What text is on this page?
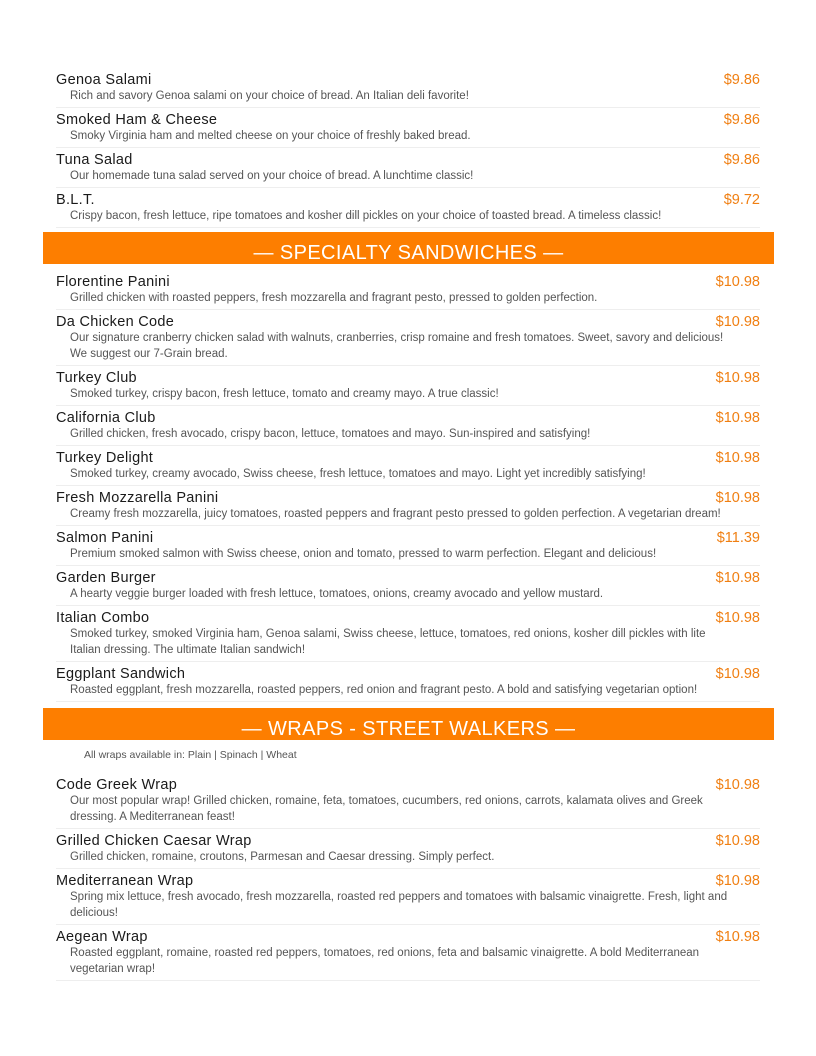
Genoa Salami	$9.86
Rich and savory Genoa salami on your choice of bread. An Italian deli favorite!
Smoked Ham & Cheese	$9.86
Smoky Virginia ham and melted cheese on your choice of freshly baked bread.
Tuna Salad	$9.86
Our homemade tuna salad served on your choice of bread. A lunchtime classic!
B.L.T.	$9.72
Crispy bacon, fresh lettuce, ripe tomatoes and kosher dill pickles on your choice of toasted bread. A timeless classic!
— SPECIALTY SANDWICHES —
Florentine Panini	$10.98
Grilled chicken with roasted peppers, fresh mozzarella and fragrant pesto, pressed to golden perfection.
Da Chicken Code	$10.98
Our signature cranberry chicken salad with walnuts, cranberries, crisp romaine and fresh tomatoes. Sweet, savory and delicious! We suggest our 7-Grain bread.
Turkey Club	$10.98
Smoked turkey, crispy bacon, fresh lettuce, tomato and creamy mayo. A true classic!
California Club	$10.98
Grilled chicken, fresh avocado, crispy bacon, lettuce, tomatoes and mayo. Sun-inspired and satisfying!
Turkey Delight	$10.98
Smoked turkey, creamy avocado, Swiss cheese, fresh lettuce, tomatoes and mayo. Light yet incredibly satisfying!
Fresh Mozzarella Panini	$10.98
Creamy fresh mozzarella, juicy tomatoes, roasted peppers and fragrant pesto pressed to golden perfection. A vegetarian dream!
Salmon Panini	$11.39
Premium smoked salmon with Swiss cheese, onion and tomato, pressed to warm perfection. Elegant and delicious!
Garden Burger	$10.98
A hearty veggie burger loaded with fresh lettuce, tomatoes, onions, creamy avocado and yellow mustard.
Italian Combo	$10.98
Smoked turkey, smoked Virginia ham, Genoa salami, Swiss cheese, lettuce, tomatoes, red onions, kosher dill pickles with lite Italian dressing. The ultimate Italian sandwich!
Eggplant Sandwich	$10.98
Roasted eggplant, fresh mozzarella, roasted peppers, red onion and fragrant pesto. A bold and satisfying vegetarian option!
— WRAPS - STREET WALKERS —
All wraps available in: Plain | Spinach | Wheat
Code Greek Wrap	$10.98
Our most popular wrap! Grilled chicken, romaine, feta, tomatoes, cucumbers, red onions, carrots, kalamata olives and Greek dressing. A Mediterranean feast!
Grilled Chicken Caesar Wrap	$10.98
Grilled chicken, romaine, croutons, Parmesan and Caesar dressing. Simply perfect.
Mediterranean Wrap	$10.98
Spring mix lettuce, fresh avocado, fresh mozzarella, roasted red peppers and tomatoes with balsamic vinaigrette. Fresh, light and delicious!
Aegean Wrap	$10.98
Roasted eggplant, romaine, roasted red peppers, tomatoes, red onions, feta and balsamic vinaigrette. A bold Mediterranean vegetarian wrap!
